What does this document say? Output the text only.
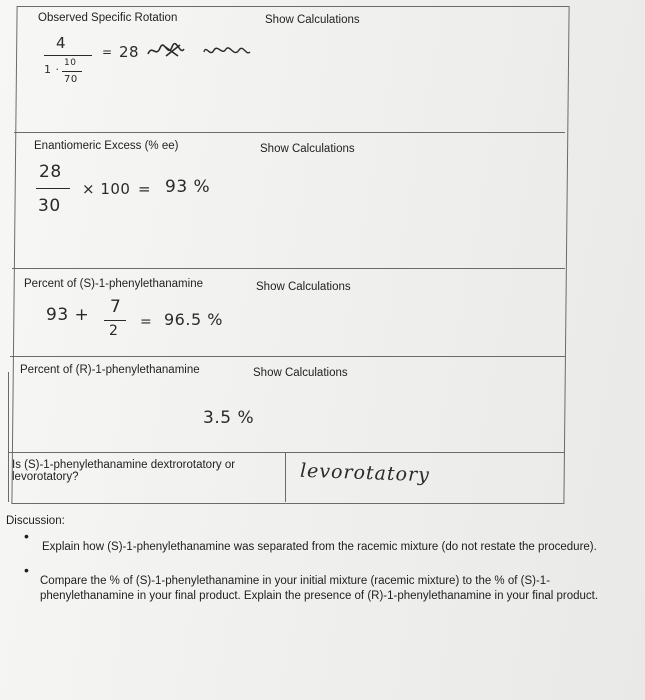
Observed Specific Rotation	Show Calculations
4
1 · 10
70
= 28
Enantiomeric Excess (% ee)	Show Calculations
28
30
× 100 = 93 %
Percent of (S)-1-phenylethanamine	Show Calculations
93 + 7
2
= 96.5 %
Percent of (R)-1-phenylethanamine	Show Calculations
3.5 %
Is (S)-1-phenylethanamine dextrorotatory or levorotatory?	levorotatory
Discussion:
•
Explain how (S)-1-phenylethanamine was separated from the racemic mixture (do not restate the procedure).
•
Compare the % of (S)-1-phenylethanamine in your initial mixture (racemic mixture) to the % of (S)-1-phenylethanamine in your final product. Explain the presence of (R)-1-phenylethanamine in your final product.
